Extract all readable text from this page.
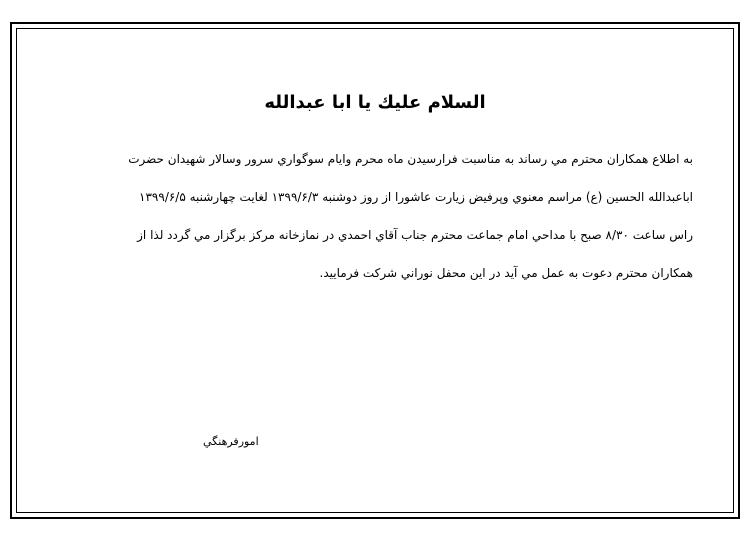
السلام عليك يا ابا عبدالله
به اطلاع همكاران محترم مي رساند به مناسبت فرارسيدن ماه محرم وايام سوگواري سرور وسالار شهيدان حضرت
اباعبدالله الحسين (ع) مراسم معنوي وپرفيض زيارت عاشورا از روز دوشنبه ۱۳۹۹/۶/۳ لغايت چهارشنبه ۱۳۹۹/۶/۵
راس ساعت ۸/۳۰ صبح با مداحي امام جماعت محترم جناب آقاي احمدي در نمازخانه مركز برگزار مي گردد لذا از
همكاران محترم دعوت به عمل مي آيد در اين محفل نوراني شركت فرماييد.

امورفرهنگي
